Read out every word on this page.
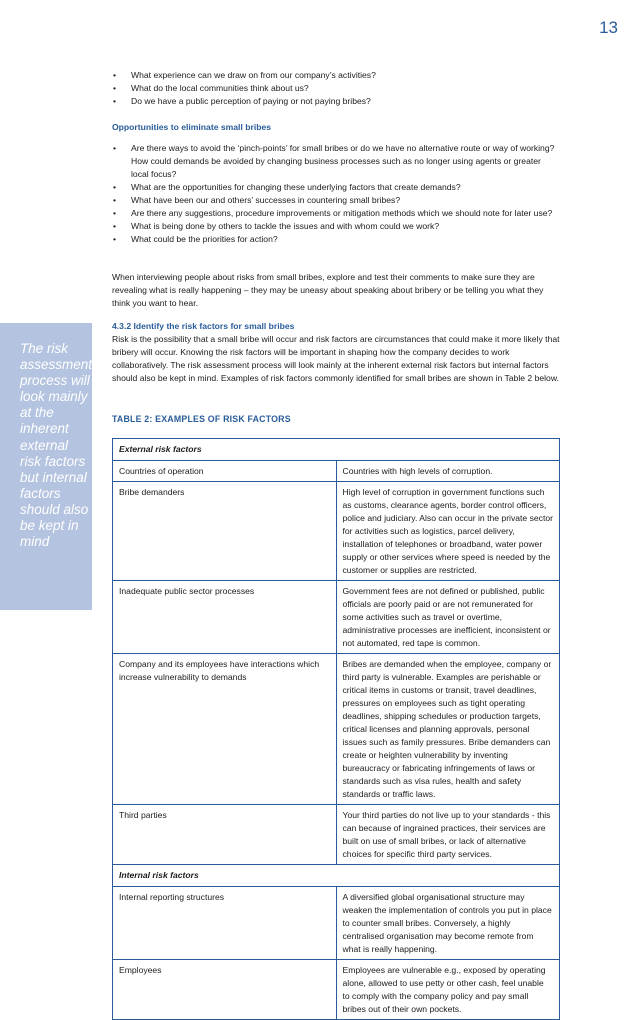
13
• What experience can we draw on from our company’s activities?
• What do the local communities think about us?
• Do we have a public perception of paying or not paying bribes?
Opportunities to eliminate small bribes
• Are there ways to avoid the ‘pinch-points’ for small bribes or do we have no alternative route or way of working? How could demands be avoided by changing business processes such as no longer using agents or greater local focus?
• What are the opportunities for changing these underlying factors that create demands?
• What have been our and others’ successes in countering small bribes?
• Are there any suggestions, procedure improvements or mitigation methods which we should note for later use?
• What is being done by others to tackle the issues and with whom could we work?
• What could be the priorities for action?

When interviewing people about risks from small bribes, explore and test their comments to make sure they are revealing what is really happening – they may be uneasy about speaking about bribery or be telling you what they think you want to hear.

4.3.2 Identify the risk factors for small bribes

Risk is the possibility that a small bribe will occur and risk factors are circumstances that could make it more likely that bribery will occur. Knowing the risk factors will be important in shaping how the company decides to work collaboratively. The risk assessment process will look mainly at the inherent external risk factors but internal factors should also be kept in mind. Examples of risk factors commonly identified for small bribes are shown in Table 2 below.

The risk assessment process will look mainly at the inherent external risk factors but internal factors should also be kept in mind
TABLE 2: EXAMPLES OF RISK FACTORS
External risk factors	
Countries of operation	Countries with high levels of corruption.
Bribe demanders	High level of corruption in government functions such as customs, clearance agents, border control officers, police and judiciary. Also can occur in the private sector for activities such as logistics, parcel delivery, installation of telephones or broadband, water power supply or other services where speed is needed by the customer or supplies are restricted.
Inadequate public sector processes	Government fees are not defined or published, public officials are poorly paid or are not remunerated for some activities such as travel or overtime, administrative processes are inefficient, inconsistent or not automated, red tape is common.
Company and its employees have interactions which increase vulnerability to demands	Bribes are demanded when the employee, company or third party is vulnerable. Examples are perishable or critical items in customs or transit, travel deadlines, pressures on employees such as tight operating deadlines, shipping schedules or production targets, critical licenses and planning approvals, personal issues such as family pressures. Bribe demanders can create or heighten vulnerability by inventing bureaucracy or fabricating infringements of laws or standards such as visa rules, health and safety standards or traffic laws.
Third parties	Your third parties do not live up to your standards - this can because of ingrained practices, their services are built on use of small bribes, or lack of alternative choices for specific third party services.
Internal risk factors	
Internal reporting structures	A diversified global organisational structure may weaken the implementation of controls you put in place to counter small bribes. Conversely, a highly centralised organisation may become remote from what is really happening.
Employees	Employees are vulnerable e.g., exposed by operating alone, allowed to use petty or other cash, feel unable to comply with the company policy and pay small bribes out of their own pockets.
